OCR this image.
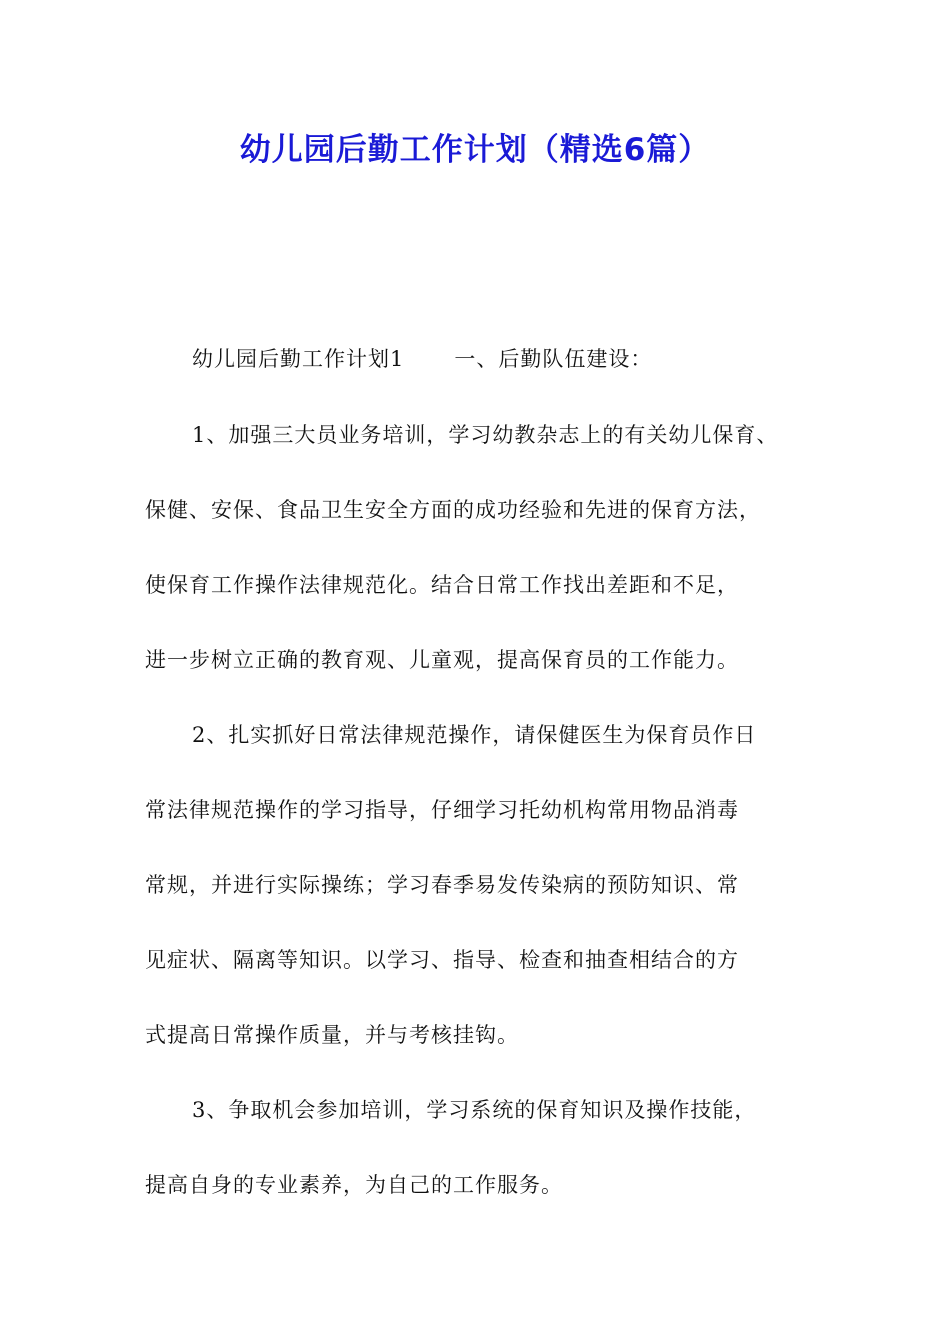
幼儿园后勤工作计划（精选6篇）
幼儿园后勤工作计划1 一、后勤队伍建设：
1、加强三大员业务培训，学习幼教杂志上的有关幼儿保育、
保健、安保、食品卫生安全方面的成功经验和先进的保育方法，
使保育工作操作法律规范化。结合日常工作找出差距和不足，
进一步树立正确的教育观、儿童观，提高保育员的工作能力。
2、扎实抓好日常法律规范操作，请保健医生为保育员作日
常法律规范操作的学习指导，仔细学习托幼机构常用物品消毒
常规，并进行实际操练；学习春季易发传染病的预防知识、常
见症状、隔离等知识。以学习、指导、检查和抽查相结合的方
式提高日常操作质量，并与考核挂钩。
3、争取机会参加培训，学习系统的保育知识及操作技能，
提高自身的专业素养，为自己的工作服务。
